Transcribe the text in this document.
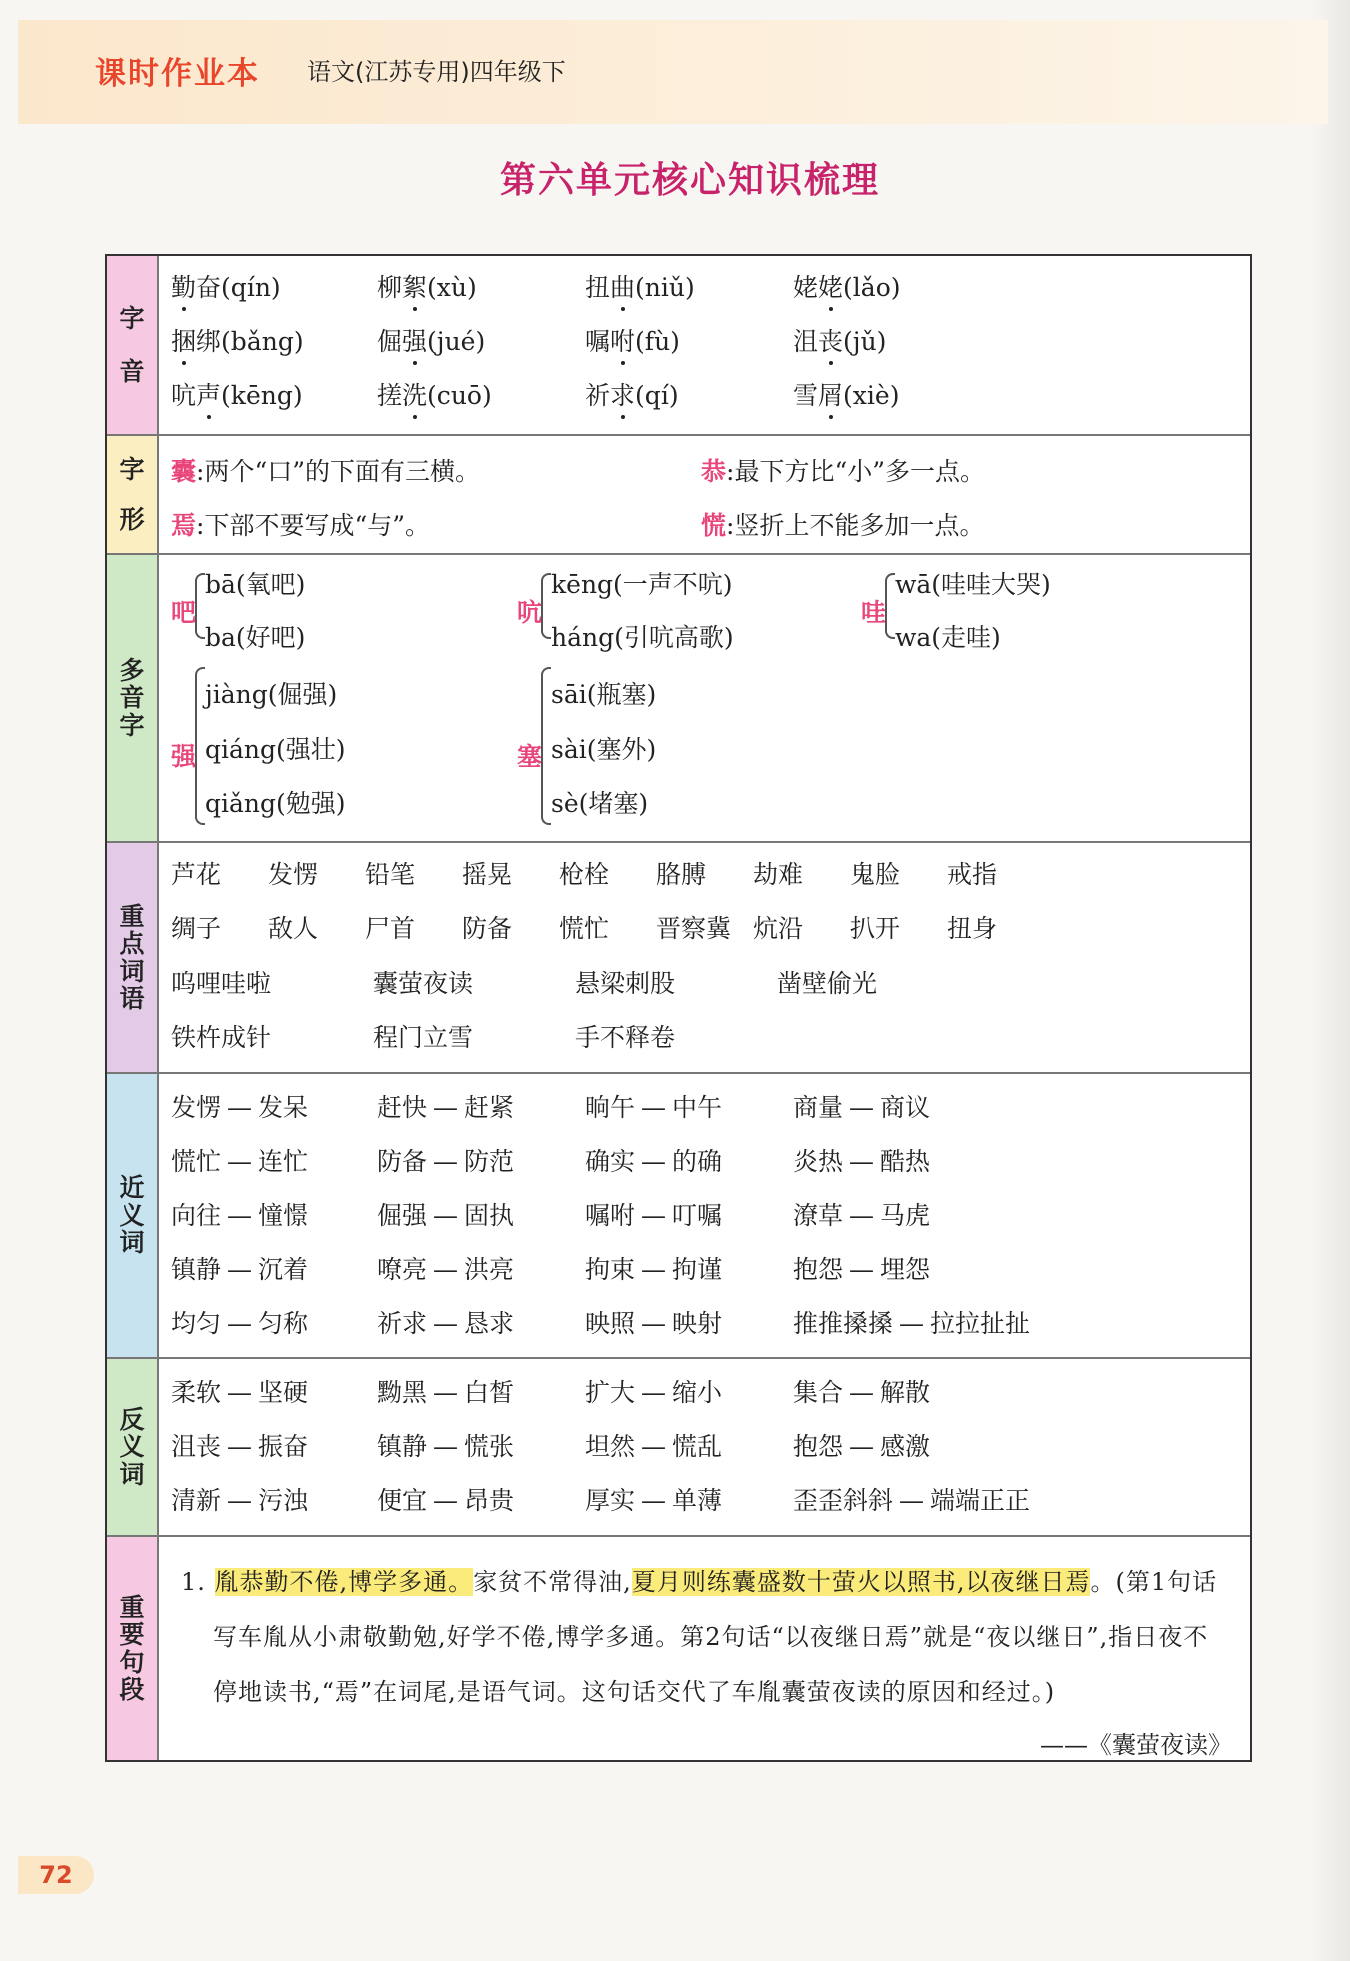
课时作业本 语文(江苏专用)四年级下
第六单元核心知识梳理
字
音
勤奋(qín)	柳絮(xù)	扭曲(niǔ)	姥姥(lǎo)
捆绑(bǎng)	倔强(jué)	嘱咐(fù)	沮丧(jǔ)
吭声(kēng)	搓洗(cuō)	祈求(qí)	雪屑(xiè)
字
形
囊:两个“口”的下面有三横。	恭:最下方比“小”多一点。
焉:下部不要写成“与”。	慌:竖折上不能多加一点。
多
音
字
吧
bā(氧吧)
ba(好吧)
吭
kēng(一声不吭)
háng(引吭高歌)
哇
wā(哇哇大哭)
wa(走哇)
强
jiàng(倔强)
qiáng(强壮)
qiǎng(勉强)
塞
sāi(瓶塞)
sài(塞外)
sè(堵塞)
重
点
词
语
芦花 发愣 铅笔 摇晃 枪栓 胳膊 劫难 鬼脸 戒指
绸子 敌人 尸首 防备 慌忙 晋察冀 炕沿 扒开 扭身
呜哩哇啦	囊萤夜读	悬梁刺股	凿壁偷光
铁杵成针	程门立雪	手不释卷
近
义
词
发愣 — 发呆	赶快 — 赶紧	晌午 — 中午	商量 — 商议
慌忙 — 连忙	防备 — 防范	确实 — 的确	炎热 — 酷热
向往 — 憧憬	倔强 — 固执	嘱咐 — 叮嘱	潦草 — 马虎
镇静 — 沉着	嘹亮 — 洪亮	拘束 — 拘谨	抱怨 — 埋怨
均匀 — 匀称	祈求 — 恳求	映照 — 映射	推推搡搡 — 拉拉扯扯
反
义
词
柔软 — 坚硬	黝黑 — 白皙	扩大 — 缩小	集合 — 解散
沮丧 — 振奋	镇静 — 慌张	坦然 — 慌乱	抱怨 — 感激
清新 — 污浊	便宜 — 昂贵	厚实 — 单薄	歪歪斜斜 — 端端正正
重
要
句
段
1. 胤恭勤不倦,博学多通。家贫不常得油,夏月则练囊盛数十萤火以照书,以夜继日焉。(第1句话写车胤从小肃敬勤勉,好学不倦,博学多通。第2句话“以夜继日焉”就是“夜以继日”,指日夜不停地读书,“焉”在词尾,是语气词。这句话交代了车胤囊萤夜读的原因和经过。)
——《囊萤夜读》
72
